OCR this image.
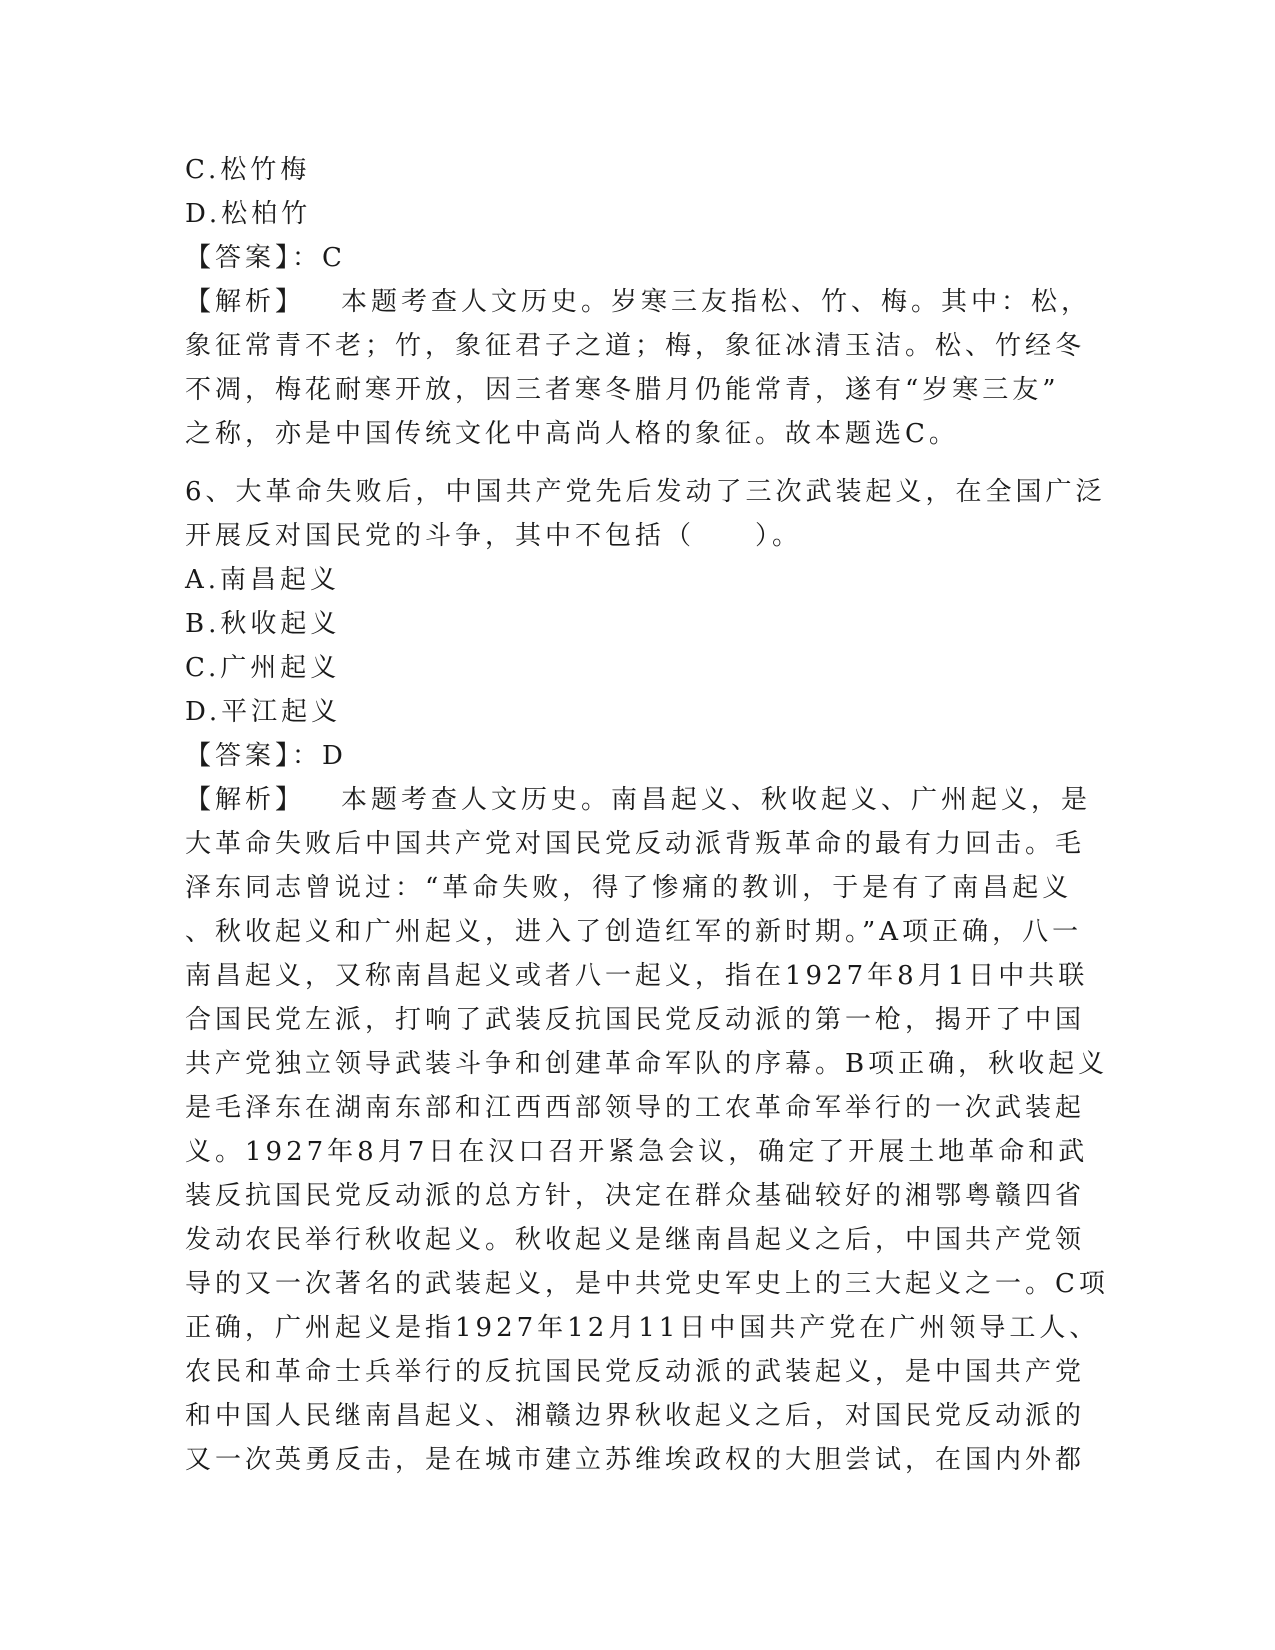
C.松竹梅
D.松柏竹
【答案】：C
【解析】 本题考查人文历史。岁寒三友指松、竹、梅。其中：松，
象征常青不老；竹，象征君子之道；梅，象征冰清玉洁。松、竹经冬
不凋，梅花耐寒开放，因三者寒冬腊月仍能常青，遂有“岁寒三友”
之称，亦是中国传统文化中高尚人格的象征。故本题选C。
6、大革命失败后，中国共产党先后发动了三次武装起义，在全国广泛
开展反对国民党的斗争，其中不包括（　　）。
A.南昌起义
B.秋收起义
C.广州起义
D.平江起义
【答案】：D
【解析】 本题考查人文历史。南昌起义、秋收起义、广州起义，是
大革命失败后中国共产党对国民党反动派背叛革命的最有力回击。毛
泽东同志曾说过：“革命失败，得了惨痛的教训，于是有了南昌起义
、秋收起义和广州起义，进入了创造红军的新时期。”A项正确，八一
南昌起义，又称南昌起义或者八一起义，指在1927年8月1日中共联
合国民党左派，打响了武装反抗国民党反动派的第一枪，揭开了中国
共产党独立领导武装斗争和创建革命军队的序幕。B项正确，秋收起义
是毛泽东在湖南东部和江西西部领导的工农革命军举行的一次武装起
义。1927年8月7日在汉口召开紧急会议，确定了开展土地革命和武
装反抗国民党反动派的总方针，决定在群众基础较好的湘鄂粤赣四省
发动农民举行秋收起义。秋收起义是继南昌起义之后，中国共产党领
导的又一次著名的武装起义，是中共党史军史上的三大起义之一。C项
正确，广州起义是指1927年12月11日中国共产党在广州领导工人、
农民和革命士兵举行的反抗国民党反动派的武装起义，是中国共产党
和中国人民继南昌起义、湘赣边界秋收起义之后，对国民党反动派的
又一次英勇反击，是在城市建立苏维埃政权的大胆尝试，在国内外都
